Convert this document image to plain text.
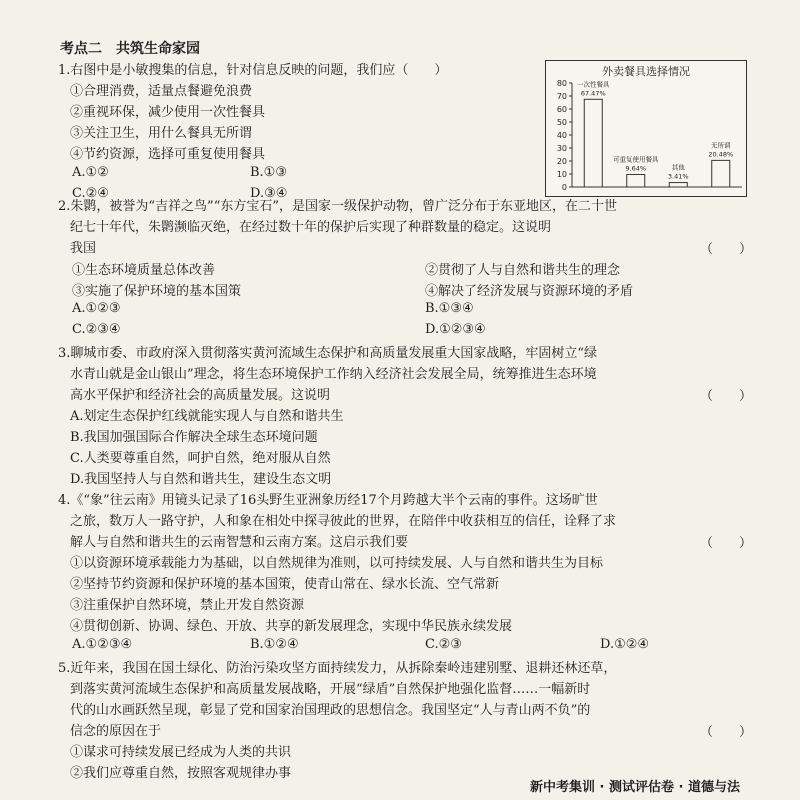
考点二　共筑生命家园
1.右图中是小敏搜集的信息，针对信息反映的问题，我们应（　　）
①合理消费，适量点餐避免浪费
②重视环保，减少使用一次性餐具
③关注卫生，用什么餐具无所谓
④节约资源，选择可重复使用餐具
A.①②	B.①③
C.②④	D.③④
外卖餐具选择情况
0
10
20
30
40
50
60
70
80 一次性餐具
67.47%
可重复使用餐具
9.64%	其他
3.41%
无所谓
20.48%
2.朱鹮，被誉为“吉祥之鸟”“东方宝石”，是国家一级保护动物，曾广泛分布于东亚地区，在二十世
纪七十年代，朱鹮濒临灭绝，在经过数十年的保护后实现了种群数量的稳定。这说明
我国	（　　）
①生态环境质量总体改善	②贯彻了人与自然和谐共生的理念
③实施了保护环境的基本国策	④解决了经济发展与资源环境的矛盾
A.①②③	B.①③④
C.②③④	D.①②③④
3.聊城市委、市政府深入贯彻落实黄河流域生态保护和高质量发展重大国家战略，牢固树立“绿
水青山就是金山银山”理念，将生态环境保护工作纳入经济社会发展全局，统筹推进生态环境
高水平保护和经济社会的高质量发展。这说明
A.划定生态保护红线就能实现人与自然和谐共生
B.我国加强国际合作解决全球生态环境问题
C.人类要尊重自然，呵护自然，绝对服从自然
D.我国坚持人与自然和谐共生，建设生态文明
（　　）
4.《“象”往云南》用镜头记录了16头野生亚洲象历经17个月跨越大半个云南的事件。这场旷世
之旅，数万人一路守护，人和象在相处中探寻彼此的世界，在陪伴中收获相互的信任，诠释了求
解人与自然和谐共生的云南智慧和云南方案。这启示我们要
①以资源环境承载能力为基础，以自然规律为准则，以可持续发展、人与自然和谐共生为目标
②坚持节约资源和保护环境的基本国策，使青山常在、绿水长流、空气常新
③注重保护自然环境，禁止开发自然资源
④贯彻创新、协调、绿色、开放、共享的新发展理念，实现中华民族永续发展
（　　）
A.①②③④	B.①②④	C.②③	D.①②④
5.近年来，我国在国土绿化、防治污染攻坚方面持续发力，从拆除秦岭违建别墅、退耕还林还草，
到落实黄河流域生态保护和高质量发展战略，开展“绿盾”自然保护地强化监督……一幅新时
代的山水画跃然呈现，彰显了党和国家治国理政的思想信念。我国坚定“人与青山两不负”的
信念的原因在于
①谋求可持续发展已经成为人类的共识
②我们应尊重自然，按照客观规律办事
（　　）
新中考集训 · 测试评估卷 · 道德与法
